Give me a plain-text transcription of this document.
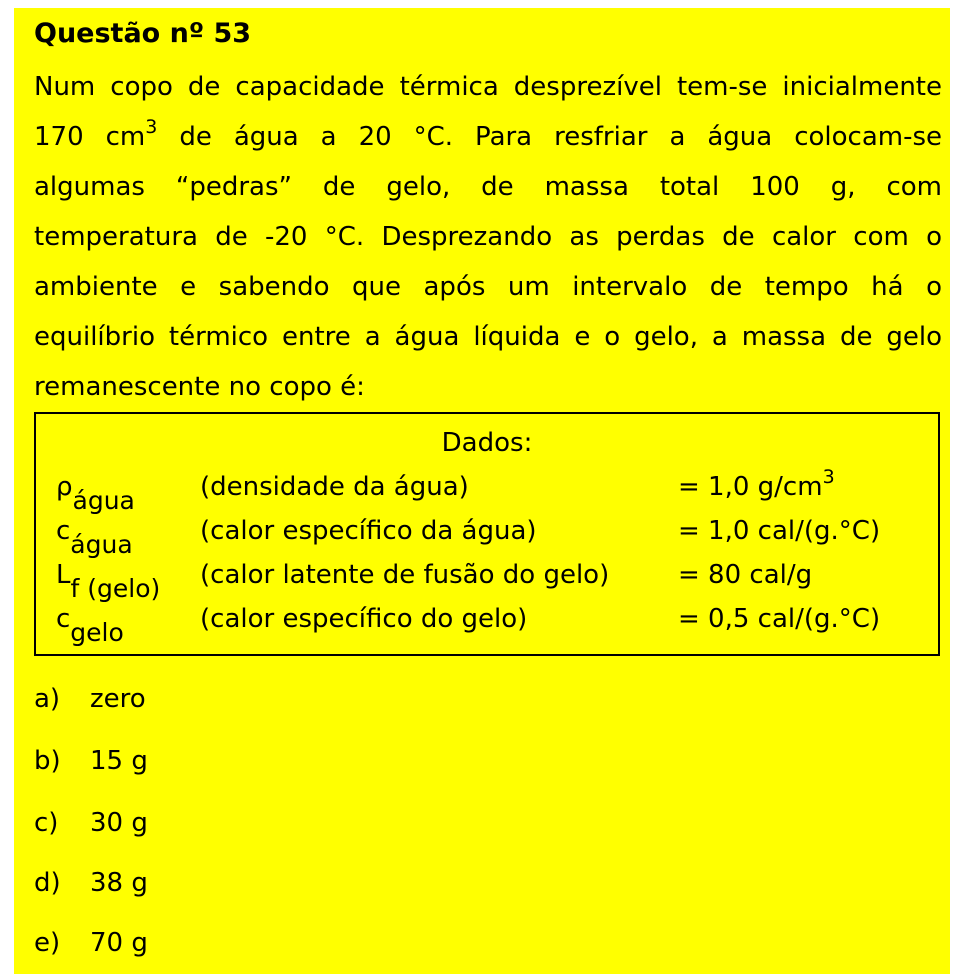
Questão nº 53
Num copo de capacidade térmica desprezível tem-se inicialmente
170 $cm^3$ de água a 20 °C. Para resfriar a água colocam-se
algumas “pedras” de gelo, de massa total 100 g, com
temperatura de -20 °C. Desprezando as perdas de calor com o
ambiente e sabendo que após um intervalo de tempo há o
equilíbrio térmico entre a água líquida e o gelo, a massa de gelo
remanescente no copo é:
Dados:
ρágua	(densidade da água)	= 1,0 $g/cm^3$
cágua	(calor específico da água)	= 1,0 cal/(g.°C)
Lf (gelo) (calor latente de fusão do gelo)	= 80 cal/g
cgelo	(calor específico do gelo)	= 0,5 cal/(g.°C)
a) zero
b) 15 g
c) 30 g
d) 38 g
e) 70 g
